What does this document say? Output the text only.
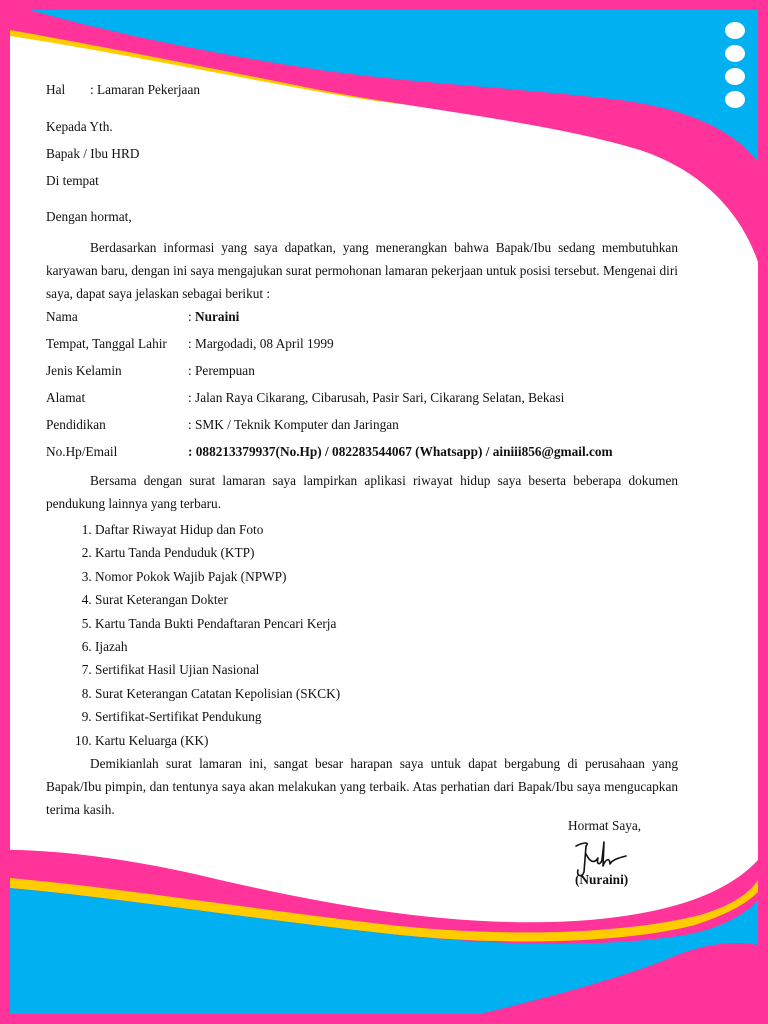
Hal : Lamaran Pekerjaan
Kepada Yth.
Bapak / Ibu HRD
Di tempat
Dengan hormat,

Berdasarkan informasi yang saya dapatkan, yang menerangkan bahwa Bapak/Ibu sedang membutuhkan karyawan baru, dengan ini saya mengajukan surat permohonan lamaran pekerjaan untuk posisi tersebut. Mengenai diri saya, dapat saya jelaskan sebagai berikut :

Nama	: Nuraini
Tempat, Tanggal Lahir	: Margodadi, 08 April 1999
Jenis Kelamin	: Perempuan
Alamat	: Jalan Raya Cikarang, Cibarusah, Pasir Sari, Cikarang Selatan, Bekasi
Pendidikan	: SMK / Teknik Komputer dan Jaringan
No.Hp/Email	: 088213379937(No.Hp) / 082283544067 (Whatsapp) / ainiii856@gmail.com

Bersama dengan surat lamaran saya lampirkan aplikasi riwayat hidup saya beserta beberapa dokumen pendukung lainnya yang terbaru.

1. Daftar Riwayat Hidup dan Foto
2. Kartu Tanda Penduduk (KTP)
3. Nomor Pokok Wajib Pajak (NPWP)
4. Surat Keterangan Dokter
5. Kartu Tanda Bukti Pendaftaran Pencari Kerja
6. Ijazah
7. Sertifikat Hasil Ujian Nasional
8. Surat Keterangan Catatan Kepolisian (SKCK)
9. Sertifikat-Sertifikat Pendukung
10. Kartu Keluarga (KK)

Demikianlah surat lamaran ini, sangat besar harapan saya untuk dapat bergabung di perusahaan yang Bapak/Ibu pimpin, dan tentunya saya akan melakukan yang terbaik. Atas perhatian dari Bapak/Ibu saya mengucapkan terima kasih.

Hormat Saya,
(Nuraini)
